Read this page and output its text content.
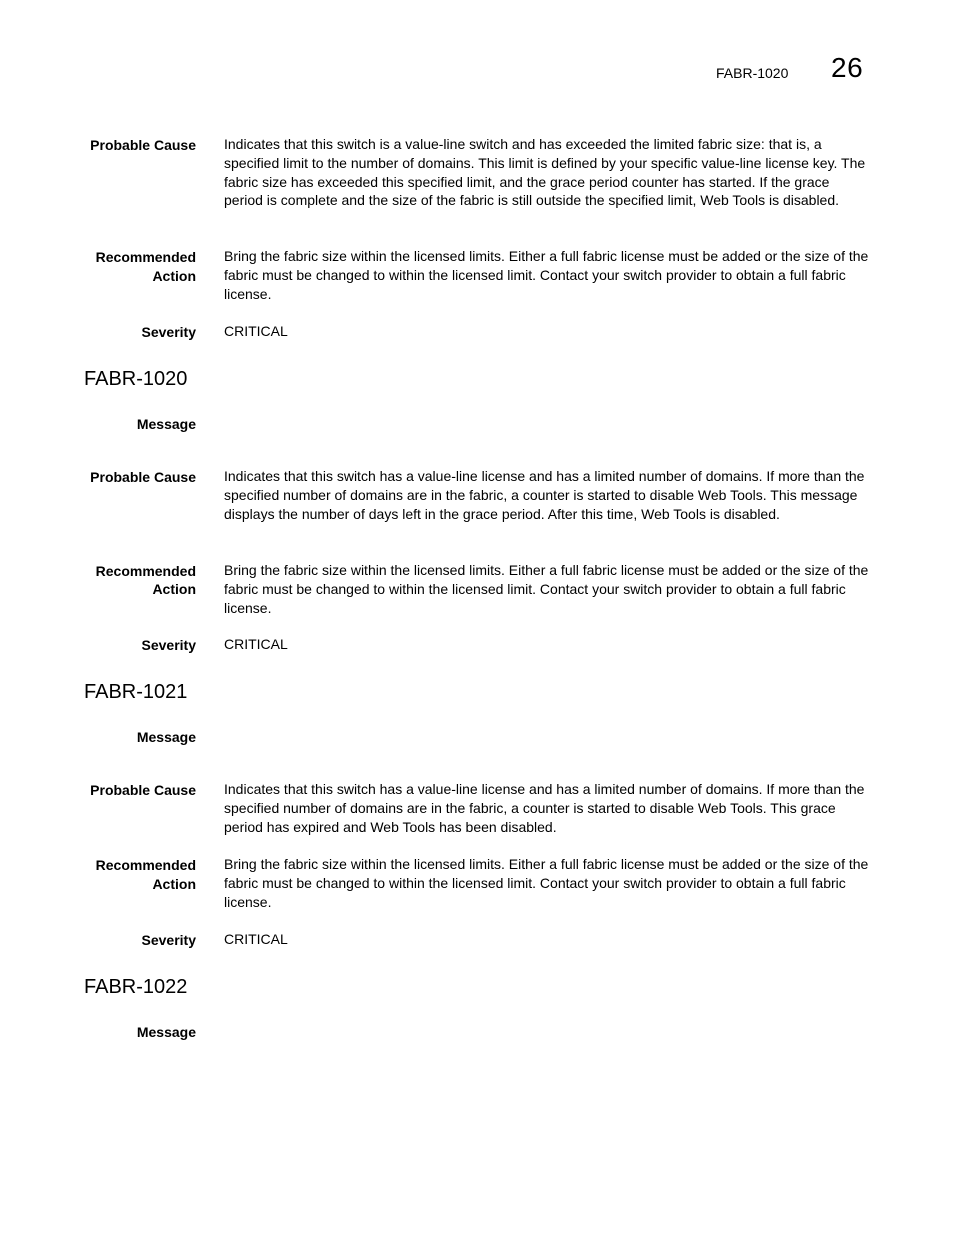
FABR-1020 26
Probable Cause Indicates that this switch is a value-line switch and has exceeded the limited fabric size: that is, a specified limit to the number of domains. This limit is defined by your specific value-line license key. The fabric size has exceeded this specified limit, and the grace period counter has started. If the grace period is complete and the size of the fabric is still outside the specified limit, Web Tools is disabled.
Recommended
Action
Bring the fabric size within the licensed limits. Either a full fabric license must be added or the size of the fabric must be changed to within the licensed limit. Contact your switch provider to obtain a full fabric license.
Severity CRITICAL
FABR-1020
Message
Probable Cause Indicates that this switch has a value-line license and has a limited number of domains. If more than the specified number of domains are in the fabric, a counter is started to disable Web Tools. This message displays the number of days left in the grace period. After this time, Web Tools is disabled.
Recommended
Action
Bring the fabric size within the licensed limits. Either a full fabric license must be added or the size of the fabric must be changed to within the licensed limit. Contact your switch provider to obtain a full fabric license.
Severity CRITICAL
FABR-1021
Message
Probable Cause Indicates that this switch has a value-line license and has a limited number of domains. If more than the specified number of domains are in the fabric, a counter is started to disable Web Tools. This grace period has expired and Web Tools has been disabled.
Recommended
Action
Bring the fabric size within the licensed limits. Either a full fabric license must be added or the size of the fabric must be changed to within the licensed limit. Contact your switch provider to obtain a full fabric license.
Severity CRITICAL
FABR-1022
Message
